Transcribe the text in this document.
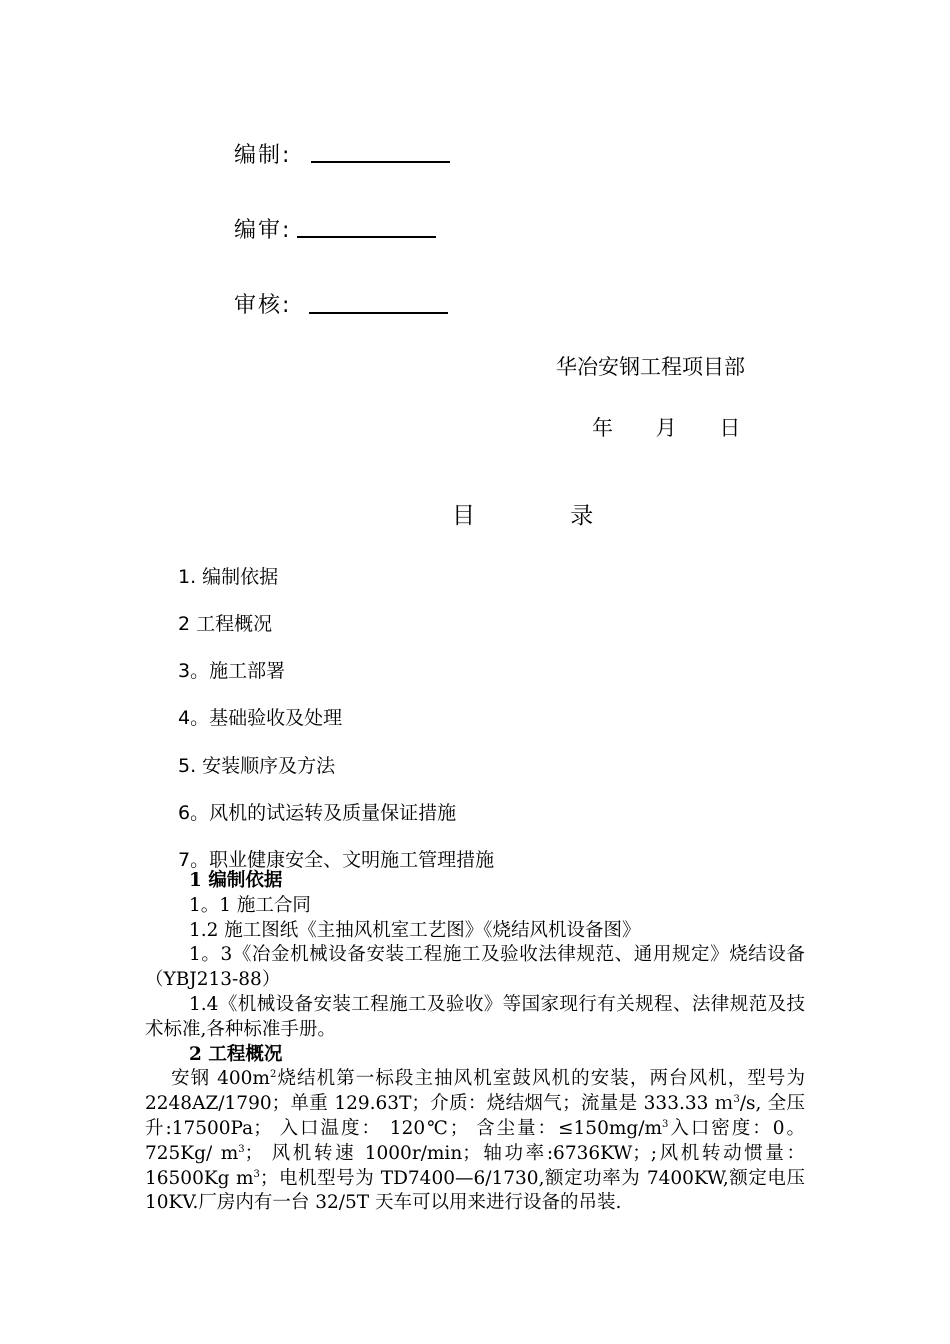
编制:
编审:
审核:
华冶安钢工程项目部
年 月 日
目 录
1. 编制依据
2 工程概况
3。施工部署
4。基础验收及处理
5. 安装顺序及方法
6。风机的试运转及质量保证措施
7。职业健康安全、文明施工管理措施

1 编制依据

1。1 施工合同

1.2 施工图纸《主抽风机室工艺图》《烧结风机设备图》

1。3《冶金机械设备安装工程施工及验收法律规范、通用规定》烧结设备（YBJ213-88）

1.4《机械设备安装工程施工及验收》等国家现行有关规程、法律规范及技术标准,各种标准手册。

2 工程概况

安钢 $400m^2$烧结机第一标段主抽风机室鼓风机的安装，两台风机，型号为 2248AZ/1790；单重 129.63T；介质：烧结烟气；流量是 333.33 ｍ$^3$/s, 全压升:17500Pa； 入口温度： 120℃； 含尘量：$\le 150mg/m^3$入口密度：0。725Kg/ $m^3$； 风机转速 1000r/min；轴功率:6736KW；;风机转动惯量：16500Kg $m^3$；电机型号为 TD7400—6/1730,额定功率为 7400KW,额定电压 10KV.厂房内有一台 32/5T 天车可以用来进行设备的吊装.
